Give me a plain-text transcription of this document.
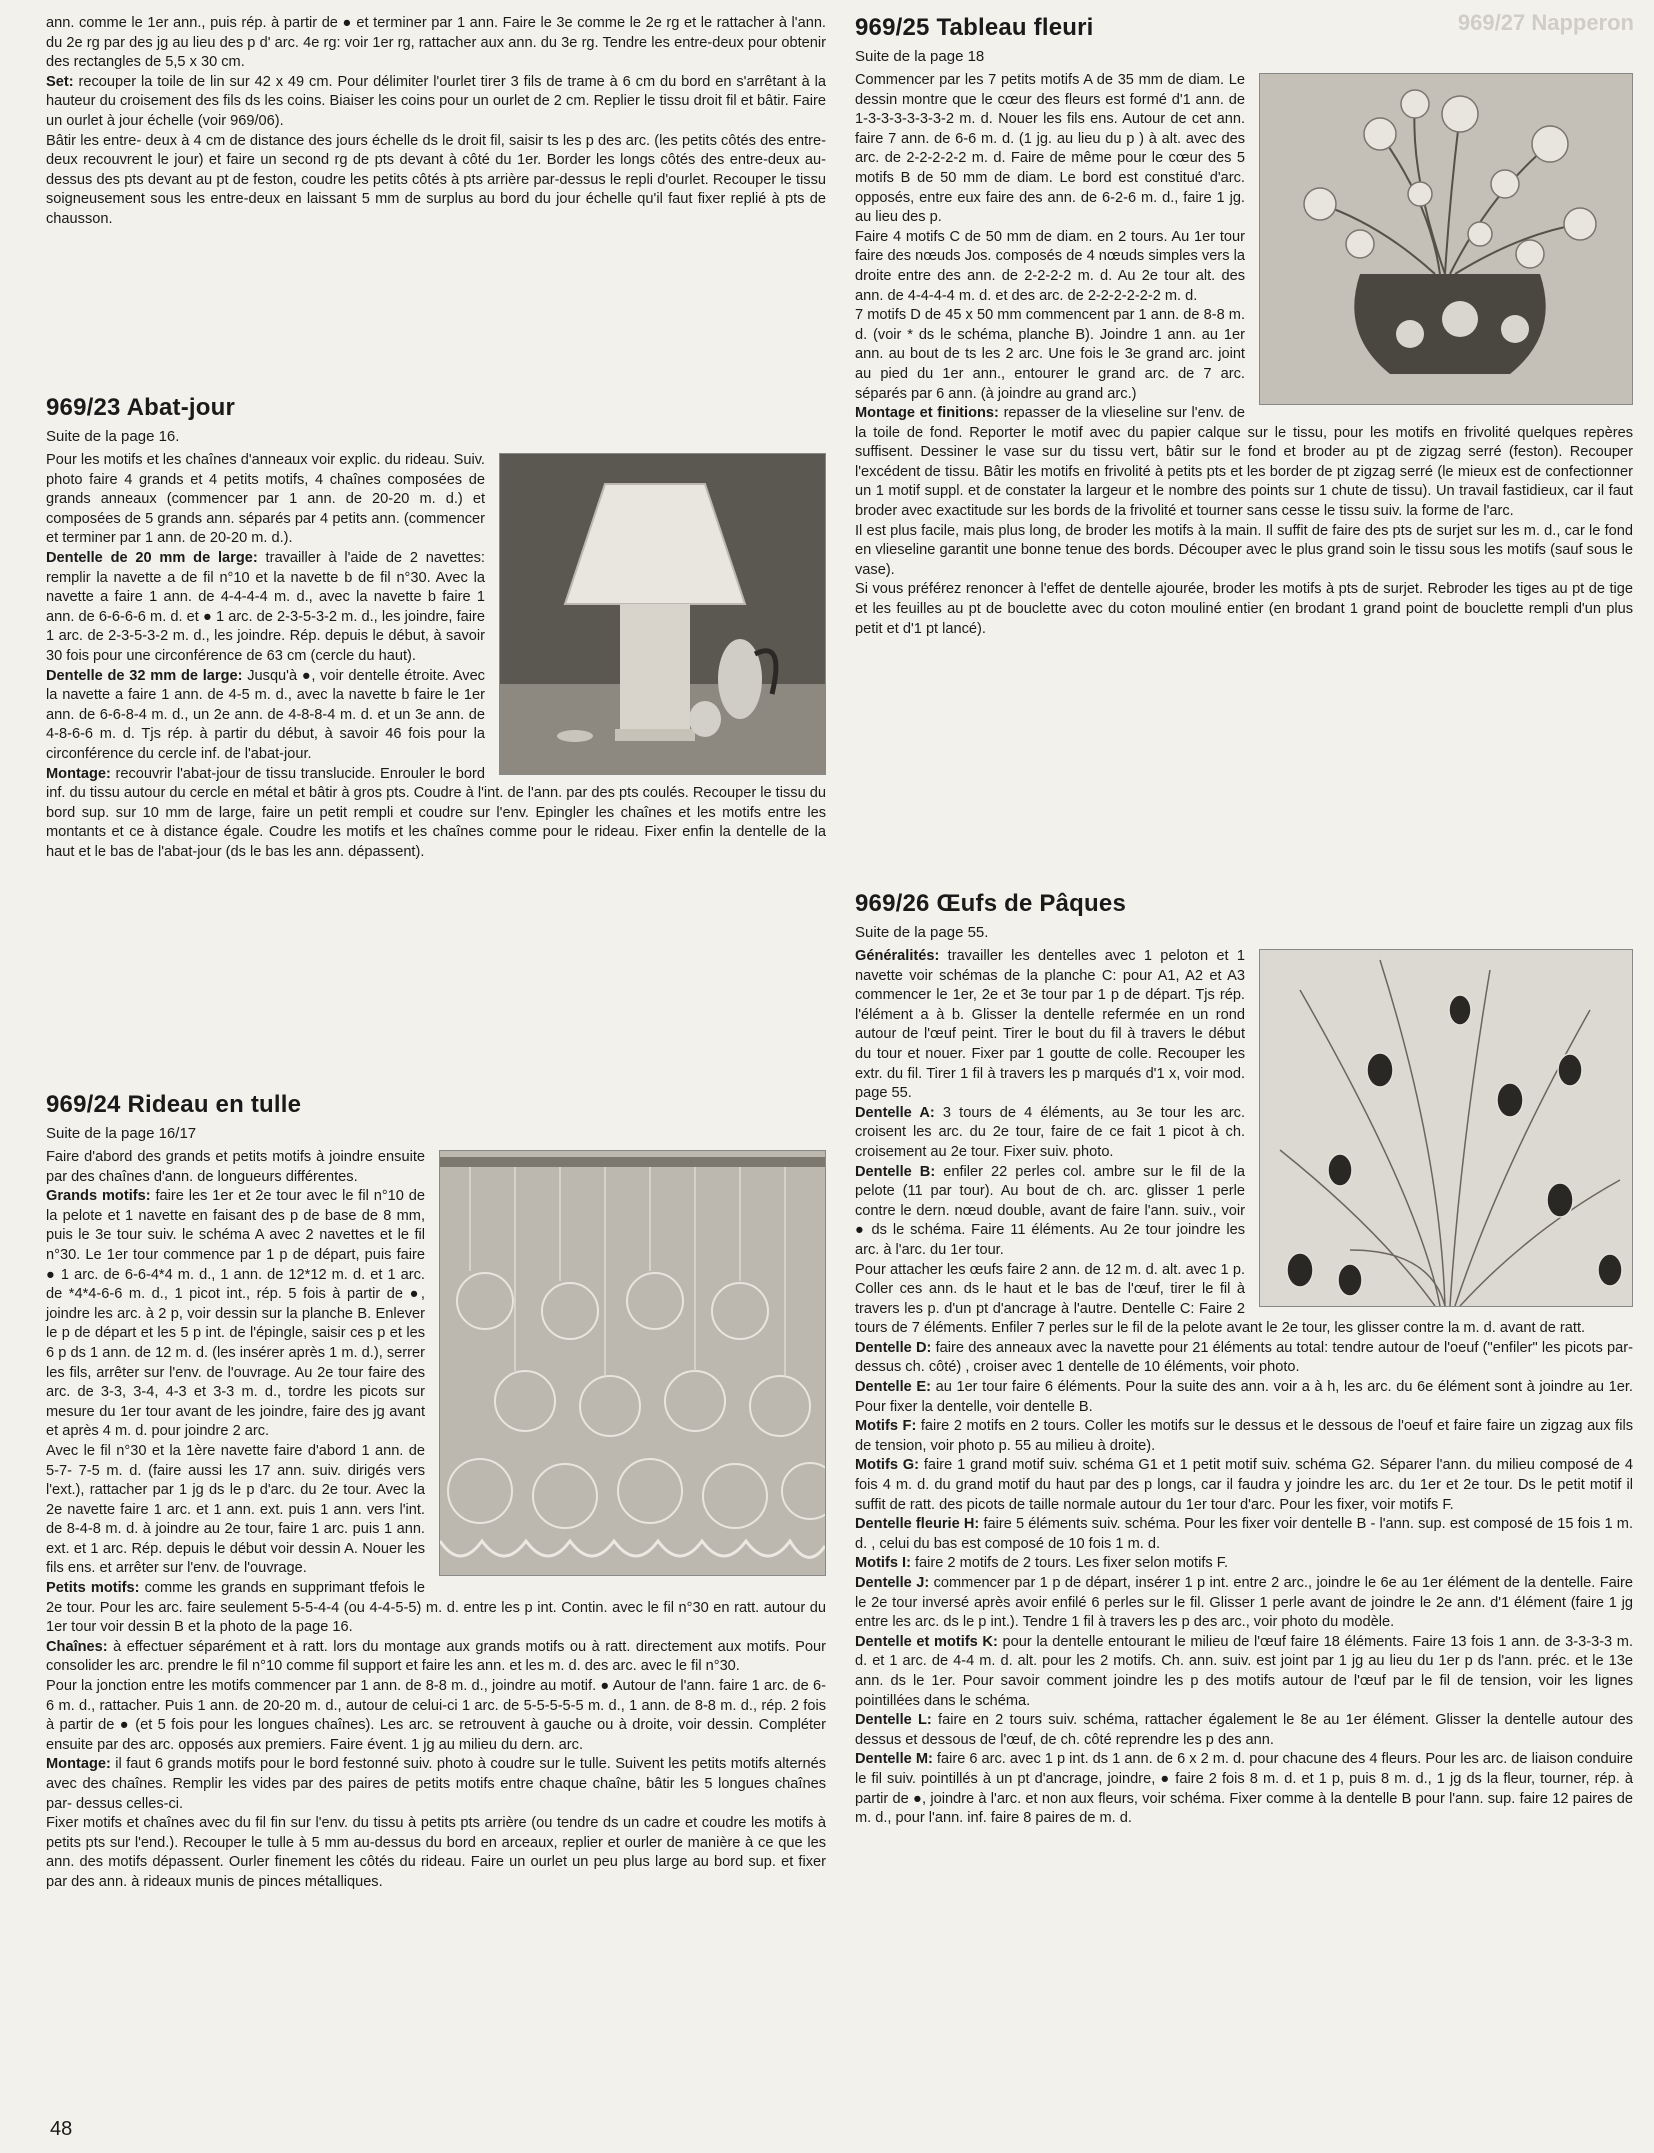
969/27 Napperon

ann. comme le 1er ann., puis rép. à partir de ● et terminer par 1 ann. Faire le 3e comme le 2e rg et le rattacher à l'ann. du 2e rg par des jg au lieu des p d' arc. 4e rg: voir 1er rg, rattacher aux ann. du 3e rg. Tendre les entre-deux pour obtenir des rectangles de 5,5 x 30 cm.

Set: recouper la toile de lin sur 42 x 49 cm. Pour délimiter l'ourlet tirer 3 fils de trame à 6 cm du bord en s'arrêtant à la hauteur du croisement des fils ds les coins. Biaiser les coins pour un ourlet de 2 cm. Replier le tissu droit fil et bâtir. Faire un ourlet à jour échelle (voir 969/06).

Bâtir les entre- deux à 4 cm de distance des jours échelle ds le droit fil, saisir ts les p des arc. (les petits côtés des entre-deux recouvrent le jour) et faire un second rg de pts devant à côté du 1er. Border les longs côtés des entre-deux au-dessus des pts devant au pt de feston, coudre les petits côtés à pts arrière par-dessus le repli d'ourlet. Recouper le tissu soigneusement sous les entre-deux en laissant 5 mm de surplus au bord du jour échelle qu'il faut fixer replié à pts de chausson.

969/23 Abat-jour
Suite de la page 16.

Pour les motifs et les chaînes d'anneaux voir explic. du rideau. Suiv. photo faire 4 grands et 4 petits motifs, 4 chaînes composées de grands anneaux (commencer par 1 ann. de 20-20 m. d.) et composées de 5 grands ann. séparés par 4 petits ann. (commencer et terminer par 1 ann. de 20-20 m. d.).

Dentelle de 20 mm de large: travailler à l'aide de 2 navettes: remplir la navette a de fil n°10 et la navette b de fil n°30. Avec la navette a faire 1 ann. de 4-4-4-4 m. d., avec la navette b faire 1 ann. de 6-6-6-6 m. d. et ● 1 arc. de 2-3-5-3-2 m. d., les joindre, faire 1 arc. de 2-3-5-3-2 m. d., les joindre. Rép. depuis le début, à savoir 30 fois pour une circonférence de 63 cm (cercle du haut).

Dentelle de 32 mm de large: Jusqu'à ●, voir dentelle étroite. Avec la navette a faire 1 ann. de 4-5 m. d., avec la navette b faire le 1er ann. de 6-6-8-4 m. d., un 2e ann. de 4-8-8-4 m. d. et un 3e ann. de 4-8-6-6 m. d. Tjs rép. à partir du début, à savoir 46 fois pour la circonférence du cercle inf. de l'abat-jour.

Montage: recouvrir l'abat-jour de tissu translucide. Enrouler le bord inf. du tissu autour du cercle en métal et bâtir à gros pts. Coudre à l'int. de l'ann. par des pts coulés. Recouper le tissu du bord sup. sur 10 mm de large, faire un petit rempli et coudre sur l'env. Epingler les chaînes et les motifs entre les montants et ce à distance égale. Coudre les motifs et les chaînes comme pour le rideau. Fixer enfin la dentelle de la haut et le bas de l'abat-jour (ds le bas les ann. dépassent).

969/24 Rideau en tulle
Suite de la page 16/17

Faire d'abord des grands et petits motifs à joindre ensuite par des chaînes d'ann. de longueurs différentes.

Grands motifs: faire les 1er et 2e tour avec le fil n°10 de la pelote et 1 navette en faisant des p de base de 8 mm, puis le 3e tour suiv. le schéma A avec 2 navettes et le fil n°30. Le 1er tour commence par 1 p de départ, puis faire ● 1 arc. de 6-6-4*4 m. d., 1 ann. de 12*12 m. d. et 1 arc. de *4*4-6-6 m. d., 1 picot int., rép. 5 fois à partir de ●, joindre les arc. à 2 p, voir dessin sur la planche B. Enlever le p de départ et les 5 p int. de l'épingle, saisir ces p et les 6 p ds 1 ann. de 12 m. d. (les insérer après 1 m. d.), serrer les fils, arrêter sur l'env. de l'ouvrage. Au 2e tour faire des arc. de 3-3, 3-4, 4-3 et 3-3 m. d., tordre les picots sur mesure du 1er tour avant de les joindre, faire des jg avant et après 4 m. d. pour joindre 2 arc.

Avec le fil n°30 et la 1ère navette faire d'abord 1 ann. de 5-7- 7-5 m. d. (faire aussi les 17 ann. suiv. dirigés vers l'ext.), rattacher par 1 jg ds le p d'arc. du 2e tour. Avec la 2e navette faire 1 arc. et 1 ann. ext. puis 1 ann. vers l'int. de 8-4-8 m. d. à joindre au 2e tour, faire 1 arc. puis 1 ann. ext. et 1 arc. Rép. depuis le début voir dessin A. Nouer les fils ens. et arrêter sur l'env. de l'ouvrage.

Petits motifs: comme les grands en supprimant tfefois le 2e tour. Pour les arc. faire seulement 5-5-4-4 (ou 4-4-5-5) m. d. entre les p int. Contin. avec le fil n°30 en ratt. autour du 1er tour voir dessin B et la photo de la page 16.

Chaînes: à effectuer séparément et à ratt. lors du montage aux grands motifs ou à ratt. directement aux motifs. Pour consolider les arc. prendre le fil n°10 comme fil support et faire les ann. et les m. d. des arc. avec le fil n°30.

Pour la jonction entre les motifs commencer par 1 ann. de 8-8 m. d., joindre au motif. ● Autour de l'ann. faire 1 arc. de 6-6 m. d., rattacher. Puis 1 ann. de 20-20 m. d., autour de celui-ci 1 arc. de 5-5-5-5-5 m. d., 1 ann. de 8-8 m. d., rép. 2 fois à partir de ● (et 5 fois pour les longues chaînes). Les arc. se retrouvent à gauche ou à droite, voir dessin. Compléter ensuite par des arc. opposés aux premiers. Faire évent. 1 jg au milieu du dern. arc.

Montage: il faut 6 grands motifs pour le bord festonné suiv. photo à coudre sur le tulle. Suivent les petits motifs alternés avec des chaînes. Remplir les vides par des paires de petits motifs entre chaque chaîne, bâtir les 5 longues chaînes par- dessus celles-ci.

Fixer motifs et chaînes avec du fil fin sur l'env. du tissu à petits pts arrière (ou tendre ds un cadre et coudre les motifs à petits pts sur l'end.). Recouper le tulle à 5 mm au-dessus du bord en arceaux, replier et ourler de manière à ce que les ann. des motifs dépassent. Ourler finement les côtés du rideau. Faire un ourlet un peu plus large au bord sup. et fixer par des ann. à rideaux munis de pinces métalliques.

969/25 Tableau fleuri
Suite de la page 18

Commencer par les 7 petits motifs A de 35 mm de diam. Le dessin montre que le cœur des fleurs est formé d'1 ann. de 1-3-3-3-3-3-3-2 m. d. Nouer les fils ens. Autour de cet ann. faire 7 ann. de 6-6 m. d. (1 jg. au lieu du p ) à alt. avec des arc. de 2-2-2-2-2 m. d. Faire de même pour le cœur des 5 motifs B de 50 mm de diam. Le bord est constitué d'arc. opposés, entre eux faire des ann. de 6-2-6 m. d., faire 1 jg. au lieu des p.

Faire 4 motifs C de 50 mm de diam. en 2 tours. Au 1er tour faire des nœuds Jos. composés de 4 nœuds simples vers la droite entre des ann. de 2-2-2-2 m. d. Au 2e tour alt. des ann. de 4-4-4-4 m. d. et des arc. de 2-2-2-2-2-2 m. d.

7 motifs D de 45 x 50 mm commencent par 1 ann. de 8-8 m. d. (voir * ds le schéma, planche B). Joindre 1 ann. au 1er ann. au bout de ts les 2 arc. Une fois le 3e grand arc. joint au pied du 1er ann., entourer le grand arc. de 7 arc. séparés par 6 ann. (à joindre au grand arc.)

Montage et finitions: repasser de la vlieseline sur l'env. de la toile de fond. Reporter le motif avec du papier calque sur le tissu, pour les motifs en frivolité quelques repères suffisent. Dessiner le vase sur du tissu vert, bâtir sur le fond et broder au pt de zigzag serré (feston). Recouper l'excédent de tissu. Bâtir les motifs en frivolité à petits pts et les border de pt zigzag serré (le mieux est de confectionner un 1 motif suppl. et de constater la largeur et le nombre des points sur 1 chute de tissu). Un travail fastidieux, car il faut broder avec exactitude sur les bords de la frivolité et tourner sans cesse le tissu suiv. la forme de l'arc.

Il est plus facile, mais plus long, de broder les motifs à la main. Il suffit de faire des pts de surjet sur les m. d., car le fond en vlieseline garantit une bonne tenue des bords. Découper avec le plus grand soin le tissu sous les motifs (sauf sous le vase).

Si vous préférez renoncer à l'effet de dentelle ajourée, broder les motifs à pts de surjet. Rebroder les tiges au pt de tige et les feuilles au pt de bouclette avec du coton mouliné entier (en brodant 1 grand point de bouclette rempli d'un plus petit et d'1 pt lancé).

969/26 Œufs de Pâques
Suite de la page 55.

Généralités: travailler les dentelles avec 1 peloton et 1 navette voir schémas de la planche C: pour A1, A2 et A3 commencer le 1er, 2e et 3e tour par 1 p de départ. Tjs rép. l'élément a à b. Glisser la dentelle refermée en un rond autour de l'œuf peint. Tirer le bout du fil à travers le début du tour et nouer. Fixer par 1 goutte de colle. Recouper les extr. du fil. Tirer 1 fil à travers les p marqués d'1 x, voir mod. page 55.

Dentelle A: 3 tours de 4 éléments, au 3e tour les arc. croisent les arc. du 2e tour, faire de ce fait 1 picot à ch. croisement au 2e tour. Fixer suiv. photo.

Dentelle B: enfiler 22 perles col. ambre sur le fil de la pelote (11 par tour). Au bout de ch. arc. glisser 1 perle contre le dern. nœud double, avant de faire l'ann. suiv., voir ● ds le schéma. Faire 11 éléments. Au 2e tour joindre les arc. à l'arc. du 1er tour.

Pour attacher les œufs faire 2 ann. de 12 m. d. alt. avec 1 p. Coller ces ann. ds le haut et le bas de l'œuf, tirer le fil à travers les p. d'un pt d'ancrage à l'autre. Dentelle C: Faire 2 tours de 7 éléments. Enfiler 7 perles sur le fil de la pelote avant le 2e tour, les glisser contre la m. d. avant de ratt.

Dentelle D: faire des anneaux avec la navette pour 21 éléments au total: tendre autour de l'oeuf ("enfiler" les picots par-dessus ch. côté) , croiser avec 1 dentelle de 10 éléments, voir photo.

Dentelle E: au 1er tour faire 6 éléments. Pour la suite des ann. voir a à h, les arc. du 6e élément sont à joindre au 1er. Pour fixer la dentelle, voir dentelle B.

Motifs F: faire 2 motifs en 2 tours. Coller les motifs sur le dessus et le dessous de l'oeuf et faire faire un zigzag aux fils de tension, voir photo p. 55 au milieu à droite).

Motifs G: faire 1 grand motif suiv. schéma G1 et 1 petit motif suiv. schéma G2. Séparer l'ann. du milieu composé de 4 fois 4 m. d. du grand motif du haut par des p longs, car il faudra y joindre les arc. du 1er et 2e tour. Ds le petit motif il suffit de ratt. des picots de taille normale autour du 1er tour d'arc. Pour les fixer, voir motifs F.

Dentelle fleurie H: faire 5 éléments suiv. schéma. Pour les fixer voir dentelle B - l'ann. sup. est composé de 15 fois 1 m. d. , celui du bas est composé de 10 fois 1 m. d.

Motifs I: faire 2 motifs de 2 tours. Les fixer selon motifs F.

Dentelle J: commencer par 1 p de départ, insérer 1 p int. entre 2 arc., joindre le 6e au 1er élément de la dentelle. Faire le 2e tour inversé après avoir enfilé 6 perles sur le fil. Glisser 1 perle avant de joindre le 2e ann. d'1 élément (faire 1 jg entre les arc. ds le p int.). Tendre 1 fil à travers les p des arc., voir photo du modèle.

Dentelle et motifs K: pour la dentelle entourant le milieu de l'œuf faire 18 éléments. Faire 13 fois 1 ann. de 3-3-3-3 m. d. et 1 arc. de 4-4 m. d. alt. pour les 2 motifs. Ch. ann. suiv. est joint par 1 jg au lieu du 1er p ds l'ann. préc. et le 13e ann. ds le 1er. Pour savoir comment joindre les p des motifs autour de l'œuf par le fil de tension, voir les lignes pointillées dans le schéma.

Dentelle L: faire en 2 tours suiv. schéma, rattacher également le 8e au 1er élément. Glisser la dentelle autour des dessus et dessous de l'œuf, de ch. côté reprendre les p des ann.

Dentelle M: faire 6 arc. avec 1 p int. ds 1 ann. de 6 x 2 m. d. pour chacune des 4 fleurs. Pour les arc. de liaison conduire le fil suiv. pointillés à un pt d'ancrage, joindre, ● faire 2 fois 8 m. d. et 1 p, puis 8 m. d., 1 jg ds la fleur, tourner, rép. à partir de ●, joindre à l'arc. et non aux fleurs, voir schéma. Fixer comme à la dentelle B pour l'ann. sup. faire 12 paires de m. d., pour l'ann. inf. faire 8 paires de m. d.

48
